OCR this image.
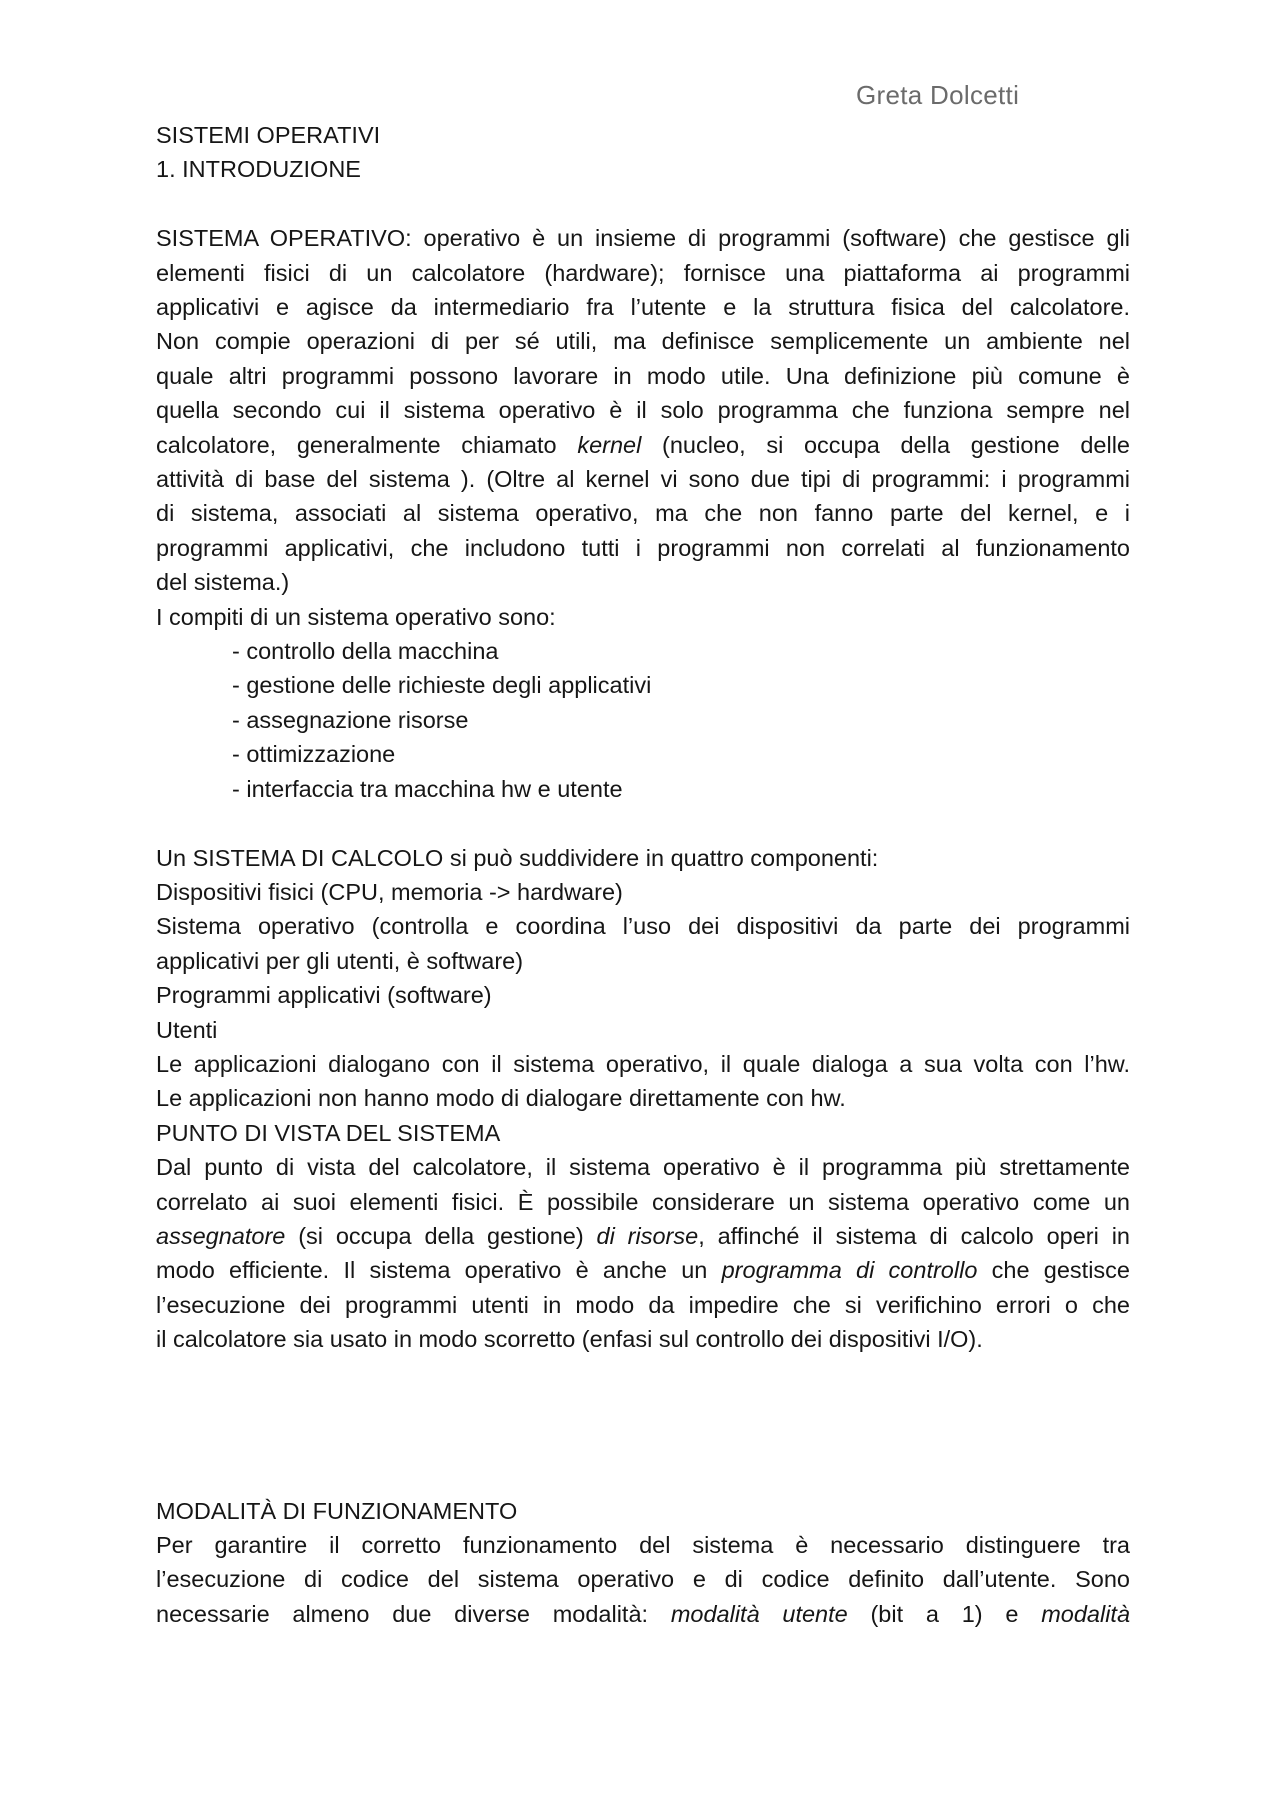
Greta Dolcetti

SISTEMI OPERATIVI

1. INTRODUZIONE

SISTEMA OPERATIVO: operativo è un insieme di programmi (software) che gestisce gli

elementi fisici di un calcolatore (hardware); fornisce una piattaforma ai programmi

applicativi e agisce da intermediario fra l’utente e la struttura fisica del calcolatore.

Non compie operazioni di per sé utili, ma definisce semplicemente un ambiente nel

quale altri programmi possono lavorare in modo utile. Una definizione più comune è

quella secondo cui il sistema operativo è il solo programma che funziona sempre nel

calcolatore, generalmente chiamato kernel (nucleo, si occupa della gestione delle

attività di base del sistema ). (Oltre al kernel vi sono due tipi di programmi: i programmi

di sistema, associati al sistema operativo, ma che non fanno parte del kernel, e i

programmi applicativi, che includono tutti i programmi non correlati al funzionamento

del sistema.)

I compiti di un sistema operativo sono:

- controllo della macchina

- gestione delle richieste degli applicativi

- assegnazione risorse

- ottimizzazione

- interfaccia tra macchina hw e utente

Un SISTEMA DI CALCOLO si può suddividere in quattro componenti:

Dispositivi fisici (CPU, memoria -> hardware)

Sistema operativo (controlla e coordina l’uso dei dispositivi da parte dei programmi

applicativi per gli utenti, è software)

Programmi applicativi (software)

Utenti

Le applicazioni dialogano con il sistema operativo, il quale dialoga a sua volta con l’hw.

Le applicazioni non hanno modo di dialogare direttamente con hw.

PUNTO DI VISTA DEL SISTEMA

Dal punto di vista del calcolatore, il sistema operativo è il programma più strettamente

correlato ai suoi elementi fisici. È possibile considerare un sistema operativo come un

assegnatore (si occupa della gestione) di risorse, affinché il sistema di calcolo operi in

modo efficiente. Il sistema operativo è anche un programma di controllo che gestisce

l’esecuzione dei programmi utenti in modo da impedire che si verifichino errori o che

il calcolatore sia usato in modo scorretto (enfasi sul controllo dei dispositivi I/O).

MODALITÀ DI FUNZIONAMENTO

Per garantire il corretto funzionamento del sistema è necessario distinguere tra

l’esecuzione di codice del sistema operativo e di codice definito dall’utente. Sono

necessarie almeno due diverse modalità: modalità utente (bit a 1) e modalità
